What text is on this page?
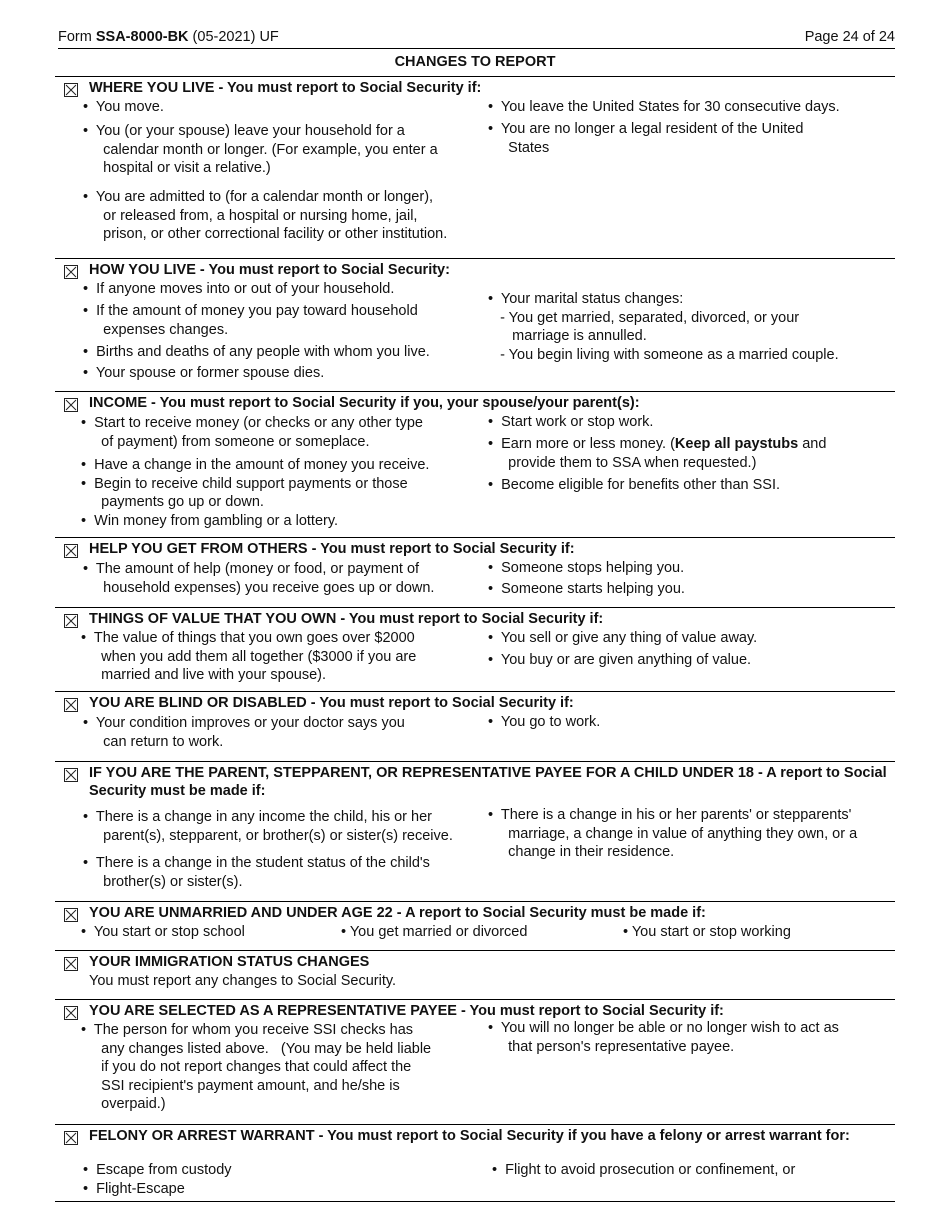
Form SSA-8000-BK (05-2021) UF	Page 24 of 24
CHANGES TO REPORT
WHERE YOU LIVE - You must report to Social Security if:
•  You move.
•  You (or your spouse) leave your household for a
calendar month or longer. (For example, you enter a
hospital or visit a relative.)
•  You are admitted to (for a calendar month or longer),
or released from, a hospital or nursing home, jail,
prison, or other correctional facility or other institution.
•  You leave the United States for 30 consecutive days.
•  You are no longer a legal resident of the United
States
HOW YOU LIVE - You must report to Social Security:
•  If anyone moves into or out of your household.
•  If the amount of money you pay toward household
expenses changes.
•  Births and deaths of any people with whom you live.
•  Your spouse or former spouse dies.
•  Your marital status changes:
- You get married, separated, divorced, or your
marriage is annulled.
- You begin living with someone as a married couple.
INCOME - You must report to Social Security if you, your spouse/your parent(s):
•  Start to receive money (or checks or any other type
of payment) from someone or someplace.
•  Have a change in the amount of money you receive.
•  Begin to receive child support payments or those
payments go up or down.
•  Win money from gambling or a lottery.
•  Start work or stop work.
•  Earn more or less money. (Keep all paystubs and
provide them to SSA when requested.)
•  Become eligible for benefits other than SSI.
HELP YOU GET FROM OTHERS - You must report to Social Security if:
•  The amount of help (money or food, or payment of
household expenses) you receive goes up or down.
•  Someone stops helping you.
•  Someone starts helping you.
THINGS OF VALUE THAT YOU OWN - You must report to Social Security if:
•  The value of things that you own goes over $2000
when you add them all together ($3000 if you are
married and live with your spouse).
•  You sell or give any thing of value away.
•  You buy or are given anything of value.
YOU ARE BLIND OR DISABLED - You must report to Social Security if:
•  Your condition improves or your doctor says you
can return to work.
•  You go to work.
IF YOU ARE THE PARENT, STEPPARENT, OR REPRESENTATIVE PAYEE FOR A CHILD UNDER 18 - A report to Social Security must be made if:
•  There is a change in any income the child, his or her
parent(s), stepparent, or brother(s) or sister(s) receive.
•  There is a change in the student status of the child's
brother(s) or sister(s).
•  There is a change in his or her parents' or stepparents'
marriage, a change in value of anything they own, or a
change in their residence.
YOU ARE UNMARRIED AND UNDER AGE 22 - A report to Social Security must be made if:
•  You start or stop school	• You get married or divorced	• You start or stop working
YOUR IMMIGRATION STATUS CHANGES
You must report any changes to Social Security.
YOU ARE SELECTED AS A REPRESENTATIVE PAYEE - You must report to Social Security if:
•  The person for whom you receive SSI checks has
any changes listed above.   (You may be held liable
if you do not report changes that could affect the
SSI recipient's payment amount, and he/she is
overpaid.)
•  You will no longer be able or no longer wish to act as
that person's representative payee.
FELONY OR ARREST WARRANT - You must report to Social Security if you have a felony or arrest warrant for:
•  Escape from custody
•  Flight-Escape
•  Flight to avoid prosecution or confinement, or
